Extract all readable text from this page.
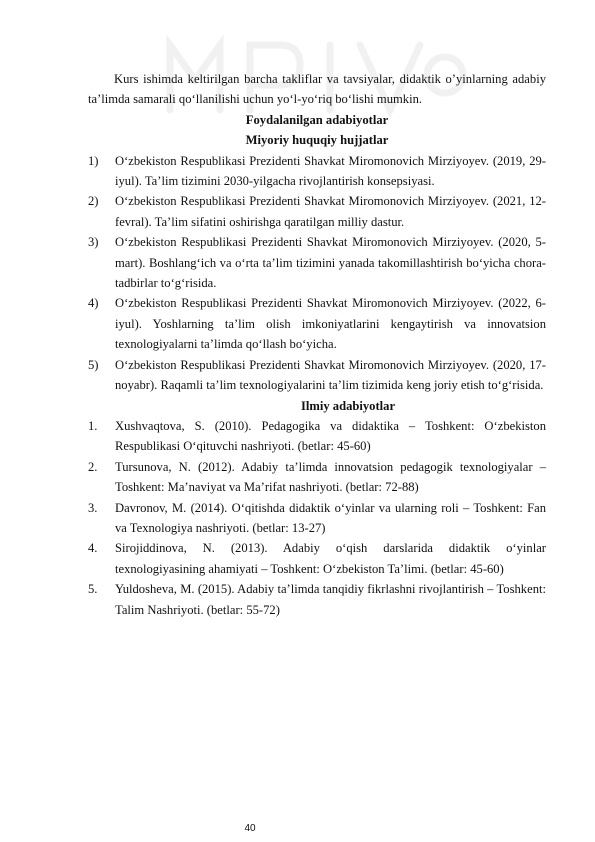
Kurs ishimda keltirilgan barcha takliflar va tavsiyalar, didaktik o’yinlarning adabiy ta’limda samarali qo‘llanilishi uchun yo‘l-yo‘riq bo‘lishi mumkin.

Foydalanilgan adabiyotlar

Miyoriy huquqiy hujjatlar

1) O‘zbekiston Respublikasi Prezidenti Shavkat Miromonovich Mirziyoyev. (2019, 29-iyul). Ta’lim tizimini 2030-yilgacha rivojlantirish konsepsiyasi.
2) O‘zbekiston Respublikasi Prezidenti Shavkat Miromonovich Mirziyoyev. (2021, 12-fevral). Ta’lim sifatini oshirishga qaratilgan milliy dastur.
3) O‘zbekiston Respublikasi Prezidenti Shavkat Miromonovich Mirziyoyev. (2020, 5-mart). Boshlang‘ich va o‘rta ta’lim tizimini yanada takomillashtirish bo‘yicha chora-tadbirlar to‘g‘risida.
4) O‘zbekiston Respublikasi Prezidenti Shavkat Miromonovich Mirziyoyev. (2022, 6-iyul). Yoshlarning ta’lim olish imkoniyatlarini kengaytirish va innovatsion texnologiyalarni ta’limda qo‘llash bo‘yicha.
5) O‘zbekiston Respublikasi Prezidenti Shavkat Miromonovich Mirziyoyev. (2020, 17-noyabr). Raqamli ta’lim texnologiyalarini ta’lim tizimida keng joriy etish to‘g‘risida.

Ilmiy adabiyotlar

1. Xushvaqtova, S. (2010). Pedagogika va didaktika – Toshkent: O‘zbekiston Respublikasi O‘qituvchi nashriyoti. (betlar: 45-60)
2. Tursunova, N. (2012). Adabiy ta’limda innovatsion pedagogik texnologiyalar – Toshkent: Ma’naviyat va Ma’rifat nashriyoti. (betlar: 72-88)
3. Davronov, M. (2014). O‘qitishda didaktik o‘yinlar va ularning roli – Toshkent: Fan va Texnologiya nashriyoti. (betlar: 13-27)
4. Sirojiddinova, N. (2013). Adabiy o‘qish darslarida didaktik o‘yinlar texnologiyasining ahamiyati – Toshkent: O‘zbekiston Ta’limi. (betlar: 45-60)
5. Yuldosheva, M. (2015). Adabiy ta’limda tanqidiy fikrlashni rivojlantirish – Toshkent: Talim Nashriyoti. (betlar: 55-72)
40
